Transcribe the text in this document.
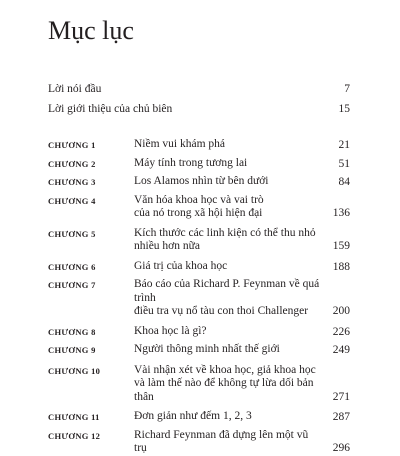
Mục lục
Lời nói đầu	7
Lời giới thiệu của chủ biên	15
CHƯƠNG 1	Niềm vui khám phá	21
CHƯƠNG 2	Máy tính trong tương lai	51
CHƯƠNG 3	Los Alamos nhìn từ bên dưới	84
CHƯƠNG 4	Văn hóa khoa học và vai trò
của nó trong xã hội hiện đại	136
CHƯƠNG 5	Kích thước các linh kiện có thể thu nhỏ
nhiều hơn nữa	159
CHƯƠNG 6	Giá trị của khoa học	188
CHƯƠNG 7	Báo cáo của Richard P. Feynman về quá trình
điều tra vụ nổ tàu con thoi Challenger	200
CHƯƠNG 8	Khoa học là gì?	226
CHƯƠNG 9	Người thông minh nhất thế giới	249
CHƯƠNG 10	Vài nhận xét về khoa học, giả khoa học
và làm thế nào để không tự lừa dối bản thân	271
CHƯƠNG 11	Đơn giản như đếm 1, 2, 3	287
CHƯƠNG 12	Richard Feynman đã dựng lên một vũ trụ	296
